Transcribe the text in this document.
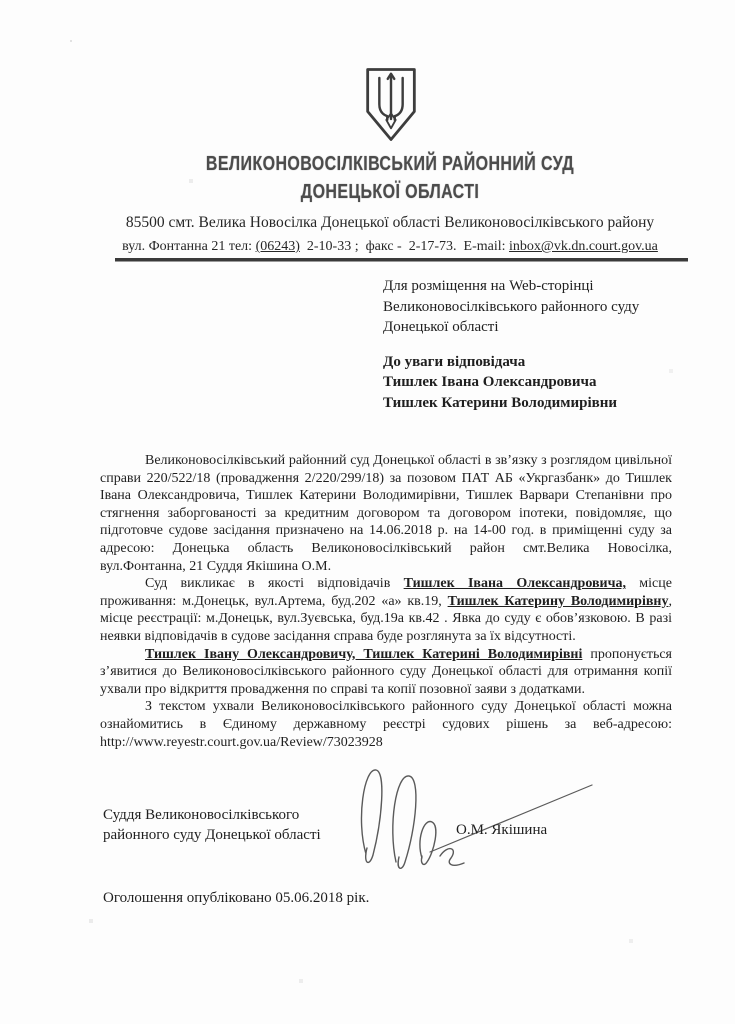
ВЕЛИКОНОВОСІЛКІВСЬКИЙ РАЙОННИЙ СУД
ДОНЕЦЬКОЇ ОБЛАСТІ
85500 смт. Велика Новосілка Донецької області Великоновосілківського району
вул. Фонтанна 21 тел: (06243)  2-10-33 ;  факс -  2-17-73.  E-mail: inbox@vk.dn.court.gov.ua
Для розміщення на Web-сторінці
Великоновосілківського районного суду
Донецької області
До уваги відповідача
Тишлек Івана Олександровича
Тишлек Катерини Володимирівни

Великоновосілківський районний суд Донецької області в зв’язку з розглядом цивільної справи 220/522/18 (провадження 2/220/299/18) за позовом ПАТ АБ «Укргазбанк» до Тишлек Івана Олександровича, Тишлек Катерини Володимирівни, Тишлек Варвари Степанівни про стягнення заборгованості за кредитним договором та договором іпотеки, повідомляє, що підготовче судове засідання призначено на 14.06.2018 р. на 14-00 год. в приміщенні суду за адресою: Донецька область Великоновосілківський район смт.Велика Новосілка, вул.Фонтанна, 21 Суддя Якішина О.М.

Суд викликає в якості відповідачів Тишлек Івана Олександровича, місце проживання: м.Донецьк, вул.Артема, буд.202 «а» кв.19, Тишлек Катерину Володимирівну, місце реєстрації: м.Донецьк, вул.Зуєвська, буд.19а кв.42 . Явка до суду є обов’язковою. В разі неявки відповідачів в судове засідання справа буде розглянута за їх відсутності.

Тишлек Івану Олександровичу, Тишлек Катерині Володимирівні пропонується з’явитися до Великоновосілківського районного суду Донецької області для отримання копії ухвали про відкриття провадження по справі та копії позовної заяви з додатками.

З текстом ухвали Великоновосілківського районного суду Донецької області можна ознайомитись в Єдиному державному реєстрі судових рішень за веб-адресою: http://www.reyestr.court.gov.ua/Review/73023928

Суддя Великоновосілківського
районного суду Донецької області	О.М. Якішина
Оголошення опубліковано 05.06.2018 рік.
